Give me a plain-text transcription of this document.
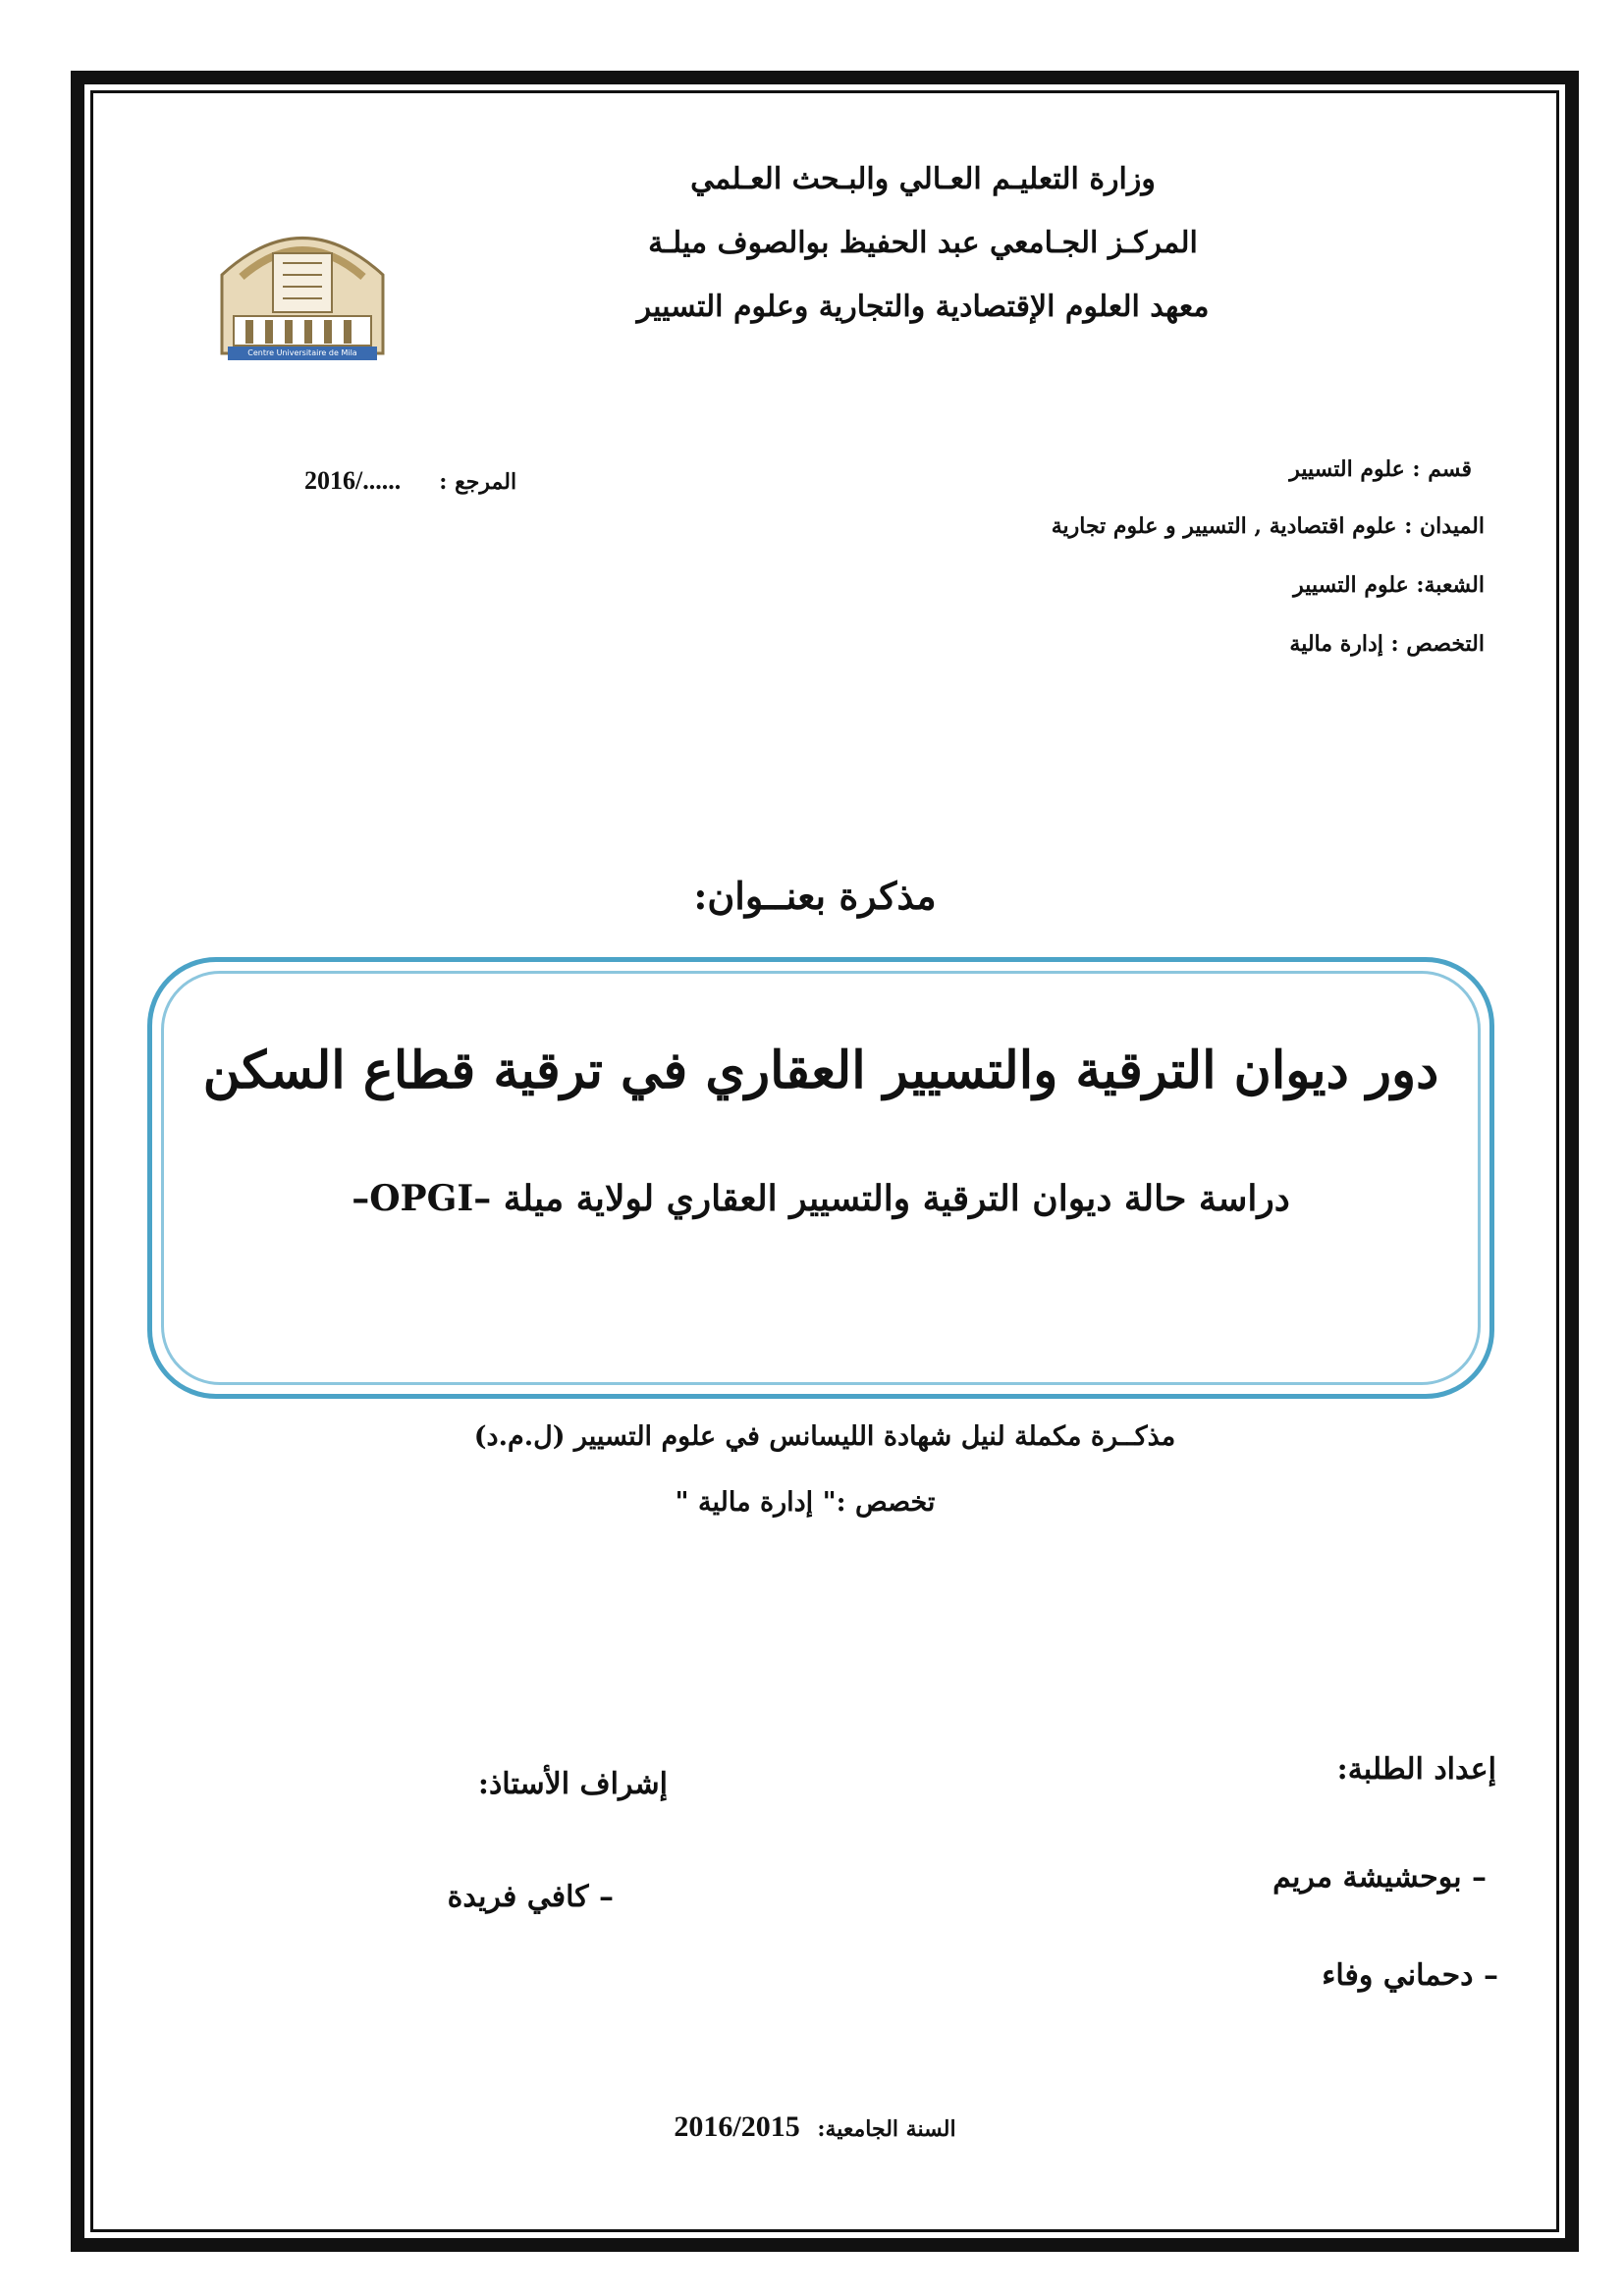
وزارة التعليـم العـالي والبـحث العـلمي
المركـز الجـامعي عبد الحفيظ بوالصوف ميلـة
معهد العلوم الإقتصادية والتجارية وعلوم التسيير
Centre Universitaire de Mila
2016/...... المرجع :	قسم : علوم التسيير
الميدان : علوم اقتصادية , التسيير و علوم تجارية
الشعبة: علوم التسيير
التخصص : إدارة مالية
مذكرة بعنــوان:
دور ديوان الترقية والتسيير العقاري في ترقية قطاع السكن
دراسة حالة ديوان الترقية والتسيير العقاري لولاية ميلة –OPGI–
مذكــرة مكملة لنيل شهادة الليسانس في علوم التسيير (ل.م.د)
تخصص :" إدارة مالية "
إعداد الطلبة:
– بوحشيشة مريم
– دحماني وفاء
إشراف الأستاذ:
– كافي فريدة
2016/2015 السنة الجامعية:
